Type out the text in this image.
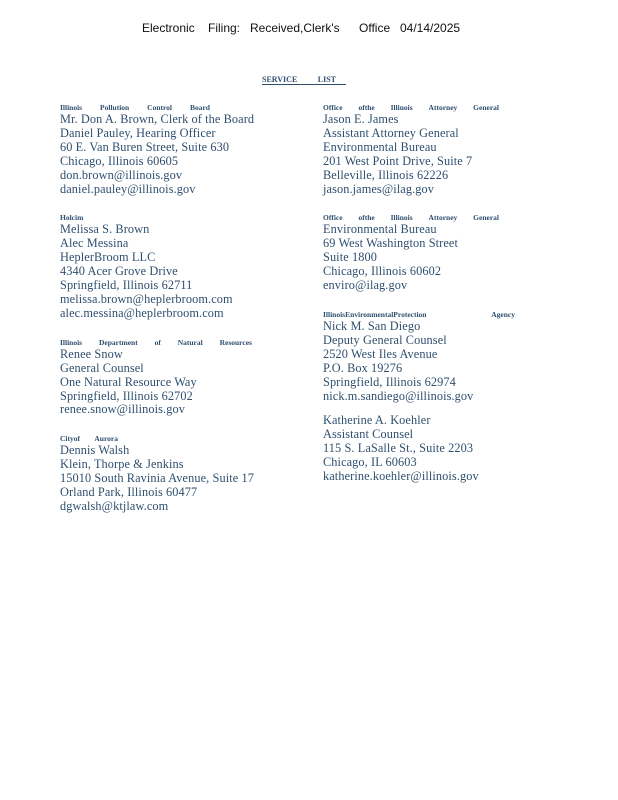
Electronic Filing: Received,Clerk's Office 04/14/2025
SERVICE	LIST
Illinois Pollution Control Board
Mr. Don A. Brown, Clerk of the Board
Daniel Pauley, Hearing Officer
60 E. Van Buren Street, Suite 630
Chicago, Illinois 60605
don.brown@illinois.gov
daniel.pauley@illinois.gov
Holcim
Melissa S. Brown
Alec Messina
HeplerBroom LLC
4340 Acer Grove Drive
Springfield, Illinois 62711
melissa.brown@heplerbroom.com
alec.messina@heplerbroom.com
Illinois Department of Natural Resources
Renee Snow
General Counsel
One Natural Resource Way
Springfield, Illinois 62702
renee.snow@illinois.gov
Cityof Aurora
Dennis Walsh
Klein, Thorpe & Jenkins
15010 South Ravinia Avenue, Suite 17
Orland Park, Illinois 60477
dgwalsh@ktjlaw.com
Office ofthe Illinois Attorney General
Jason E. James
Assistant Attorney General
Environmental Bureau
201 West Point Drive, Suite 7
Belleville, Illinois 62226
jason.james@ilag.gov
Office ofthe Illinois Attorney General
Environmental Bureau
69 West Washington Street
Suite 1800
Chicago, Illinois 60602
enviro@ilag.gov
IllinoisEnvironmentalProtection	Agency
Nick M. San Diego
Deputy General Counsel
2520 West Iles Avenue
P.O. Box 19276
Springfield, Illinois 62974
nick.m.sandiego@illinois.gov
Katherine A. Koehler
Assistant Counsel
115 S. LaSalle St., Suite 2203
Chicago, IL 60603
katherine.koehler@illinois.gov
